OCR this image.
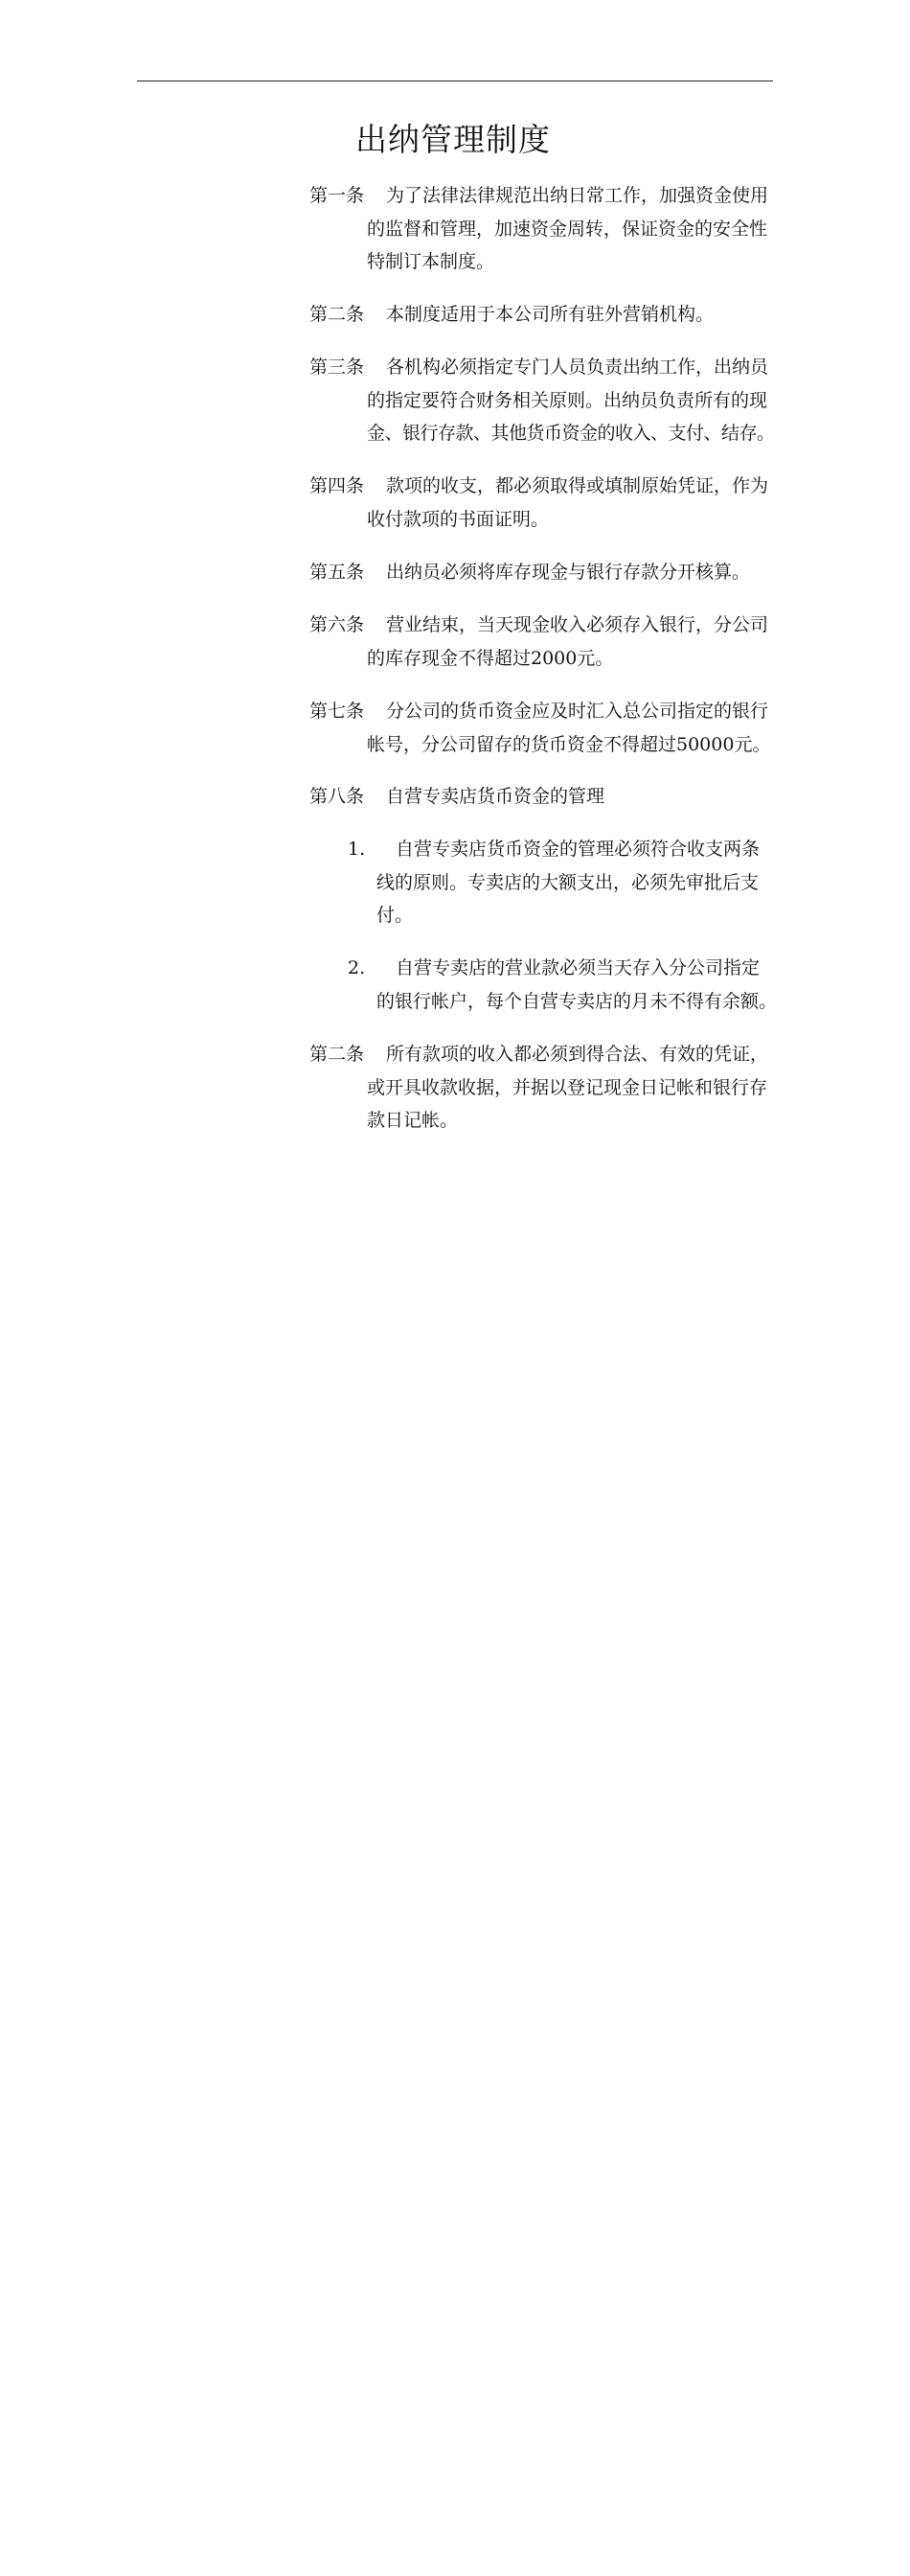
出纳管理制度

第一条

为了法律法律规范出纳日常工作，加强资金使用

的监督和管理，加速资金周转，保证资金的安全性

特制订本制度。

第二条

本制度适用于本公司所有驻外营销机构。

第三条

各机构必须指定专门人员负责出纳工作，出纳员

的指定要符合财务相关原则。出纳员负责所有的现

金、银行存款、其他货币资金的收入、支付、结存。

第四条

款项的收支，都必须取得或填制原始凭证，作为

收付款项的书面证明。

第五条

出纳员必须将库存现金与银行存款分开核算。

第六条

营业结束，当天现金收入必须存入银行，分公司

的库存现金不得超过2000元。

第七条

分公司的货币资金应及时汇入总公司指定的银行

帐号，分公司留存的货币资金不得超过50000元。

第八条

自营专卖店货币资金的管理

1.

自营专卖店货币资金的管理必须符合收支两条

线的原则。专卖店的大额支出，必须先审批后支

付。

2.

自营专卖店的营业款必须当天存入分公司指定

的银行帐户，每个自营专卖店的月未不得有余额。

第二条

所有款项的收入都必须到得合法、有效的凭证，

或开具收款收据，并据以登记现金日记帐和银行存

款日记帐。
